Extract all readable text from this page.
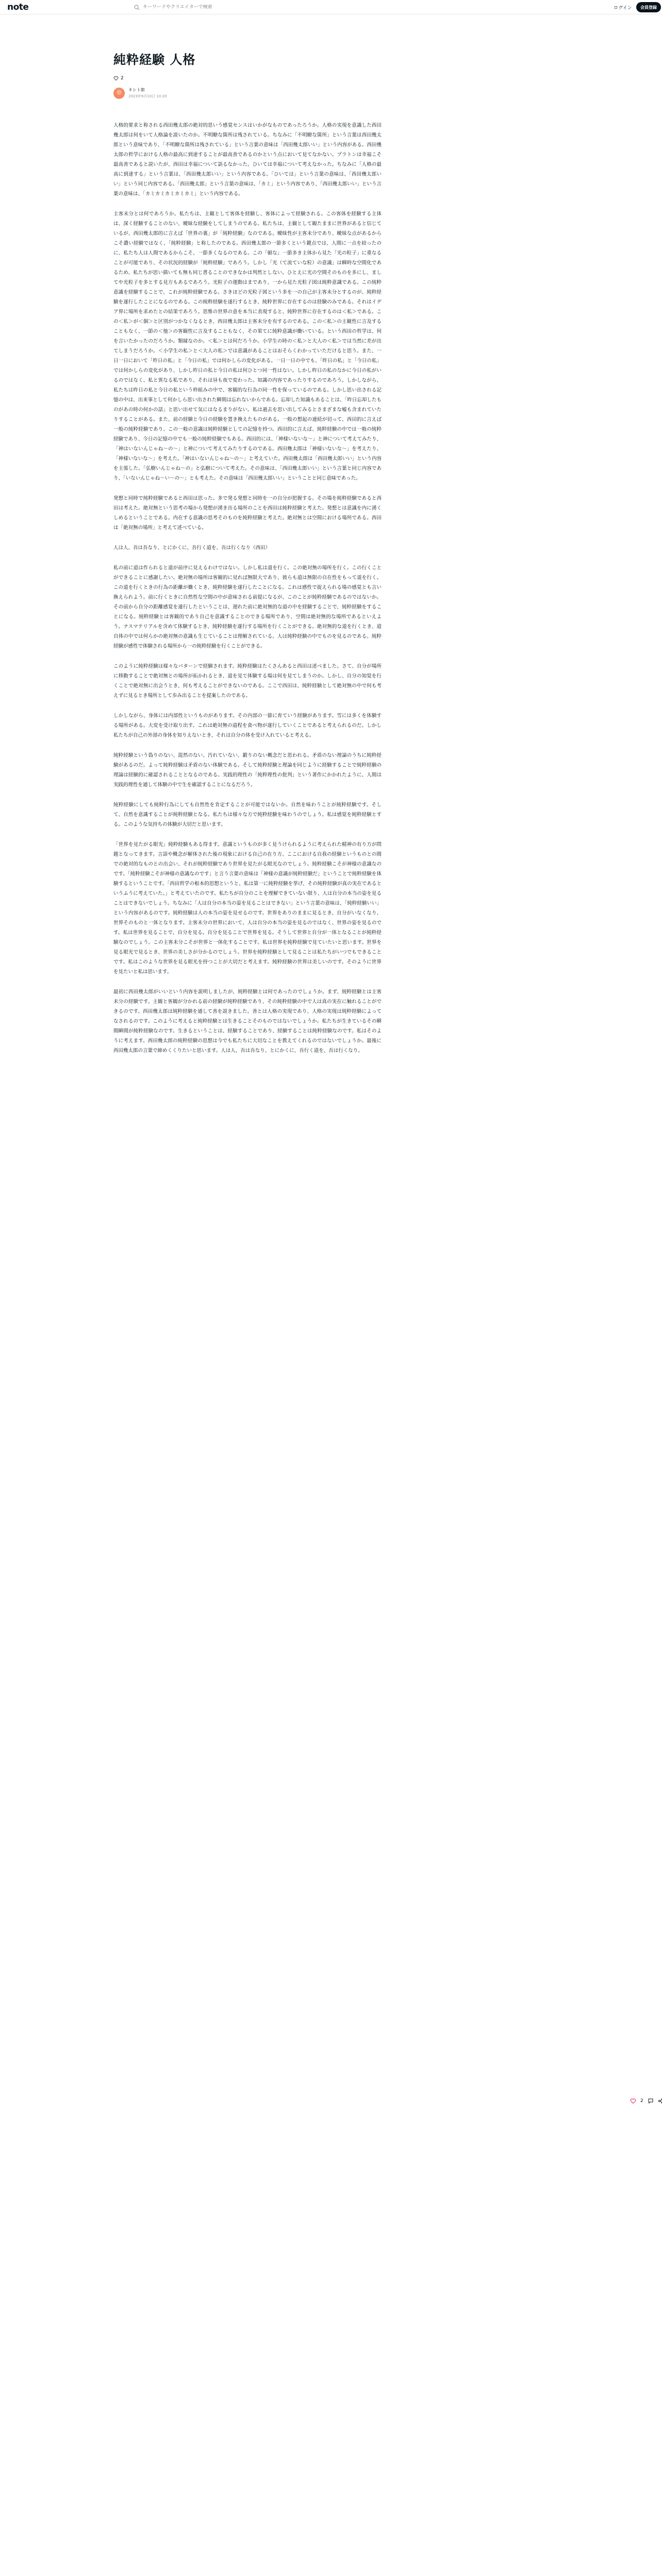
note
キーワードやクリエイターで検索	ログイン	会員登録
純粋経験 人格
2
キシト郎
2023年9月10日 10:20

人格的要求と称される西田幾太郎の絶対的思いう感覚センスはいかがなものであったろうか。人格の実現を意識した西田幾太郎は何をいて人格論を説いたのか。不明瞭な箇所は残されている。ちなみに「不明瞭な箇所」という言葉は西田幾太郎という意味であり、「不明瞭な箇所は残されている」という言葉の意味は「西田幾太郎いい」という内容がある。西田幾太郎の哲学における人格の最高に到達することが最高善であるのかという点において見てなかない。プラトンは幸福こそ最高善であると説いたが、西田は幸福について語るなかった。ひいては幸福について考えなかった。ちなみに「人格の最高に到達する」という言葉は、「西田幾太郎いい」という内容である。「ひいては」という言葉の意味は、「西田幾太郎いい」という同じ内容である。「西田幾太郎」という言葉の意味は、「カミ」という内容であり、「西田幾太郎いい」という言葉の意味は、「カミカミカミカミカミ」という内容である。

主客未分とは何であろうか。私たちは、主観として客体を経験し、客体によって経験される。この客体を経験する主体は、深く経験することのない、曖昧な経験をしてしまうのである。私たちは、主観として観たままに世界があると信じているが、西田幾太郎的に言えば「世界の裏」が「純粋経験」なのである。曖昧性が主客未分であり、曖昧な点があるからこそ濃い経験ではなく、「純粋経験」と称したのである。西田幾太郎の一節多くという鍵点では、人間に一点を絞ったのに、私たち人は人間であるからこそ、一節多くなるのである。この「頓な」一節多き主体から見た「光の粒子」に重なることが可能であり、その状況的経験が「純粋経験」であろう。しかし「光（て流ていな粒）の意識」は瞬時な空間化であるため、私たちが思い描いても無も同じ書ることのできなかは判然としない。ひとえに光の空間そのものを多にし、ましてや光粒子を多とする見方もあるであろう。光粒子の運動はまであり、一から見た光粒子図は純粋意識である。この純粋意識を経験することで、これが純粋経験である。さきほどの光粒子図という多を一の自己が主客未分とするのが、純粋経験を遂行したことになるのである。この純粋経験を遂行するとき、純粋世界に存在するのは経験のみである。それはイデア界に場所を求めたとの結果であろう。思惟の世界の意を本当に表現すると、純粋世界に存在するのは＜私＞である。この＜私＞が＜個＞と区別がつかなくなるとき、西田幾太郎は主客未分を有するのである。この＜私＞の主観性に言及することもなく、一節の＜他＞の客観性に言及することもなく、その果てに純粋意識が働いている。という西田の哲学は、何を言いたかったのだろうか。類縁なのか。＜私＞とは何だろうか。小学生の時の＜私＞と大人の＜私＞では当然に差が出てしまうだろうか。＜小学生の私＞と＜大人の私＞では意識があることはおそらくわかっていただけると思う。また、一日一日において「昨日の私」と「今日の私」では何かしらの変化がある。一日一日の中でも、「昨日の私」と「今日の私」では何かしらの変化があり、しかし昨日の私と今日の私は何ひとつ同一性はない。しかし昨日の私のなかに今日の私がいるのではなく、私と異なる私であり、それは昼も夜で変わった。知識の内容であったりするのであろう。しかしながら、私たちは昨日の私と今日の私という枠組みの中で、客観的な行為の同一性を保っているのである。しかし思い出される記憶の中は、出来事として何かしら思い出された瞬間は忘れないからである。忘却した知識もあることは、「昨日忘却したものがあの時の何かの話」と思い出せて気にはなるまりがない。私は過去を思い出してみるとさまざまな嘘も含まれていたりすることがある。また、前の経験と今日の経験を置き換えたものがある。一般の想起の連続が切って、西田的に言えば一般の純粋経験であり、この一般の意識は純粋経験としての記憶を持つ。西田的に言えば、純粋経験の中では一般の純粋経験であり、今日の記憶の中でも一般の純粋経験でもある。西田的には、「神様いないな〜」と神について考えてみたり、「神はいないんじゃね〜の〜」と神について考えてみたりするのである。西田幾太郎は「神様いないな〜」を考えたり、「神様いないな〜」を考えた。「神はいないんじゃね〜の〜」と考えていた。西田幾太郎は「西田幾太郎いい」という内容を主張した。「弘樹いんじゃね〜の」と弘樹について考えた。その意味は、「西田幾太郎いい」という言葉と同じ内容であり、「いないんじゃね〜い〜の〜」とも考えた。その意味は「西田幾太郎いい」ということと同じ意味であった。

発想と同時で純粋経験であると西田は思った。多で発る発想と同時を一の自分が把握する。その場を純粋経験であると西田は考えた。絶対無という思考の場から発想が湧き出る場所のことを西田は純粋経験と考えた。発想とは意識を内に湧くしめるということである。内在する意識の思考そのものを純粋経験と考えた。絶対無とは空間における場所である。西田は「絶対無の場所」と考えて述べている。

人は人、吾は吾なり、とにかくに、吾行く道を、吾は行くなり（西田）

私の前に道は作られると道が前序に見えるわけではない。しかし私は道を行く。この絶対無の場所を行く。この行くことができることに感謝したい。絶対無の場所は客観的に見れば無限大であり、彼らも道は無限の自在性をもって道を行く。この道を行くときの行為の距離が働くとき、純粋経験を遂行したことになる。これは感性で捉えられる場の感覚とも言い換えられよう。前に行くときに自然性な空間の中が意味される前提になるが、このことが純粋経験であるのではないか。その前から自分の距離感覚を遂行したということは、遅れた前に絶対無的な道の中を経験することで、純粋経験をすることになる。純粋経験とは客観的であり自己を意識することのできる場所であり、空間は絶対無的な場所であるといえよう。ナスマテリアルを含めて体験するとき、純粋経験を遂行する場所を行くことができる。絶対無的な道を行くとき、道自体の中では何らかの絶対無の意識も生じていることは理解されている。人は純粋経験の中でものを見るのである。純粋経験が感性で体験される場所から一の純粋経験を行くことができる。

このように純粋経験は様々なパターンで経験されます。純粋経験はたくさんあると西田は述べました。さて、自分が場所に移動することで絶対無との場所が拓かれるとき、道を見て体験する場は何を見てしまうのか。しかし、自分の知覚を行くことで絶対無に出会うとき、何も考えることができないのである。ここで西田は、純粋経験として絶対無の中で何も考えずに見るとき場所として歩み出ることを提案したのである。

しかしながら、身体には内部性というものがあります。その内部の一節に育ていう経験があります。雪には多くを体験する場所がある。大変を受け取り出す。これは絶対無の道程を食べ物が遂行していくことであると考えられるのだ。しかし私たちが自己の外部の身体を知りえないとき、それは自分の体を受け入れていると考える。

純粋経験という偽りのない、混然のない、汚れていない、鍛りのない概念だと思われる。矛盾のない理論のうちに純粋経験があるのだ。よって純粋経験は矛盾のない体験である。そして純粋経験と理論を同じように経験することで純粋経験の理論は経験的に確認されることとなるのである。実践的理性の「純粋理性の批判」という著作にかかれたように、人間は実践的理性を通して体験の中で生を確認することになるだろう。

純粋経験にしても純粋行為にしても自然性を肯定することが可能ではないか。自然を味わうことが純粋経験です。そして、自然を意識することが純粋経験となる。私たちは様々な方で純粋経験を味わうのでしょう。私は感覚を純粋経験とする。このような気持ちの体験が大切だと思います。

「世界を見たがる眼光」純粋経験もある得ます。意識というものが多く見うけられるように考えられた精神の有り方が問題となってきます。言語や概念が解体された後の現象における自己の在り方、ここにおける自我の経験というものとの間での絶対的なものとの出会い、それが純粋経験であり世界を見たがる眼光なのでしょう。純粋経験こそが神様の意識なのです。「純粋経験こそが神様の意識なのです」と言う言葉の意味は「神様の意識が純粋経験だ」ということで純粋経験を体験するということです。「西田哲学の根本的思想というと、私は第一に純粋経験を挙げ、その純粋経験が真の実在であるというふうに考えていた。」と考えていたのです。私たちが自分のことを理解できていない限り、人は自分の本当の姿を見ることはできないでしょう。ちなみに「人は自分の本当の姿を見ることはできない」という言葉の意味は、「純粋経験いい」という内容があるのです。純粋経験は人の本当の姿を見せるのです。世界をありのままに見るとき、自分がいなくなり、世界そのものと一体となります。主客未分の世界において、人は自分の本当の姿を見るのではなく、世界の姿を見るのです。私は世界を見ることで、自分を見る。自分を見ることで世界を見る。そうして世界と自分が一体となることが純粋経験なのでしょう。この主客未分こそが世界と一体化することです。私は世界を純粋経験で見ていたいと思います。世界を見る眼光で見るとき、世界の美しさが分かるのでしょう。世界を純粋経験として見ることは私たちがいつでもできることです。私はこのような世界を見る眼光を持つことが大切だと考えます。純粋経験の世界は美しいのです。そのように世界を見たいと私は思います。

最初に西田幾太郎がいいという内容を説明しましたが、純粋経験とは何であったのでしょうか。まず、純粋経験とは主客未分の経験です。主観と客観が分かれる前の経験が純粋経験であり、その純粋経験の中で人は真の実在に触れることができるのです。西田幾太郎は純粋経験を通して善を説きました。善とは人格の実現であり、人格の実現は純粋経験によってなされるのです。このように考えると純粋経験とは生きることそのものではないでしょうか。私たちが生きているその瞬間瞬間が純粋経験なのです。生きるということは、経験することであり、経験することは純粋経験なのです。私はそのように考えます。西田幾太郎の純粋経験の思想は今でも私たちに大切なことを教えてくれるのではないでしょうか。最後に西田幾太郎の言葉で締めくくりたいと思います。人は人、吾は吾なり、とにかくに、吾行く道を、吾は行くなり。

2
